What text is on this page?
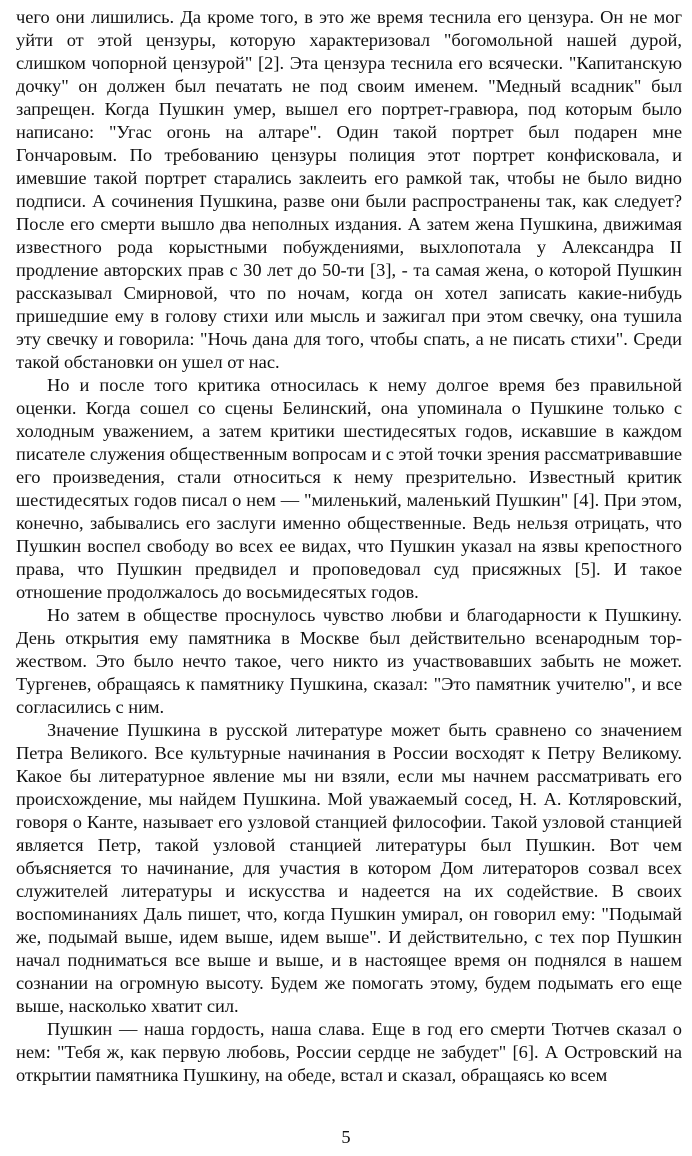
чего они лишились. Да кроме того, в это же время теснила его цензура. Он не мог уйти от этой цензуры, которую характеризовал "богомольной нашей дурой, слишком чопорной цензурой" [2]. Эта цензура теснила его всячески. "Капитанскую дочку" он должен был печатать не под своим именем. "Медный всадник" был запрещен. Когда Пушкин умер, вышел его портрет-гравюра, под которым было написано: "Угас огонь на алтаре". Один такой портрет был подарен мне Гончаровым. По требованию цензуры полиция этот портрет конфисковала, и имевшие такой портрет старались заклеить его рамкой так, чтобы не было видно подписи. А сочинения Пушкина, разве они были распространены так, как следует? После его смерти вышло два неполных издания. А затем жена Пушкина, движимая известного рода корыстными побуждениями, выхлопотала у Александра II продление авторских прав с 30 лет до 50-ти [3], - та самая жена, о которой Пушкин рассказывал Смирновой, что по ночам, когда он хотел записать какие-нибудь пришедшие ему в голову стихи или мысль и зажигал при этом свечку, она тушила эту свечку и говорила: "Ночь дана для того, чтобы спать, а не писать стихи". Среди такой обстановки он ушел от нас.

Но и после того критика относилась к нему долгое время без правильной оценки. Когда сошел со сцены Белинский, она упоминала о Пушкине только с холодным уважением, а затем критики шестидесятых годов, искавшие в каждом писателе служения общественным вопросам и с этой точки зрения рассматривавшие его произведения, стали относиться к нему презрительно. Известный критик шестидесятых годов писал о нем — "миленький, маленький Пушкин" [4]. При этом, конечно, забывались его заслуги именно общественные. Ведь нельзя отрицать, что Пушкин воспел свободу во всех ее видах, что Пушкин указал на язвы крепостного права, что Пушкин предвидел и проповедовал суд присяжных [5]. И такое отношение продолжалось до восьмидесятых годов.

Но затем в обществе проснулось чувство любви и благодарности к Пушкину. День открытия ему памятника в Москве был действительно всенародным торжеством. Это было нечто такое, чего никто из участвовавших забыть не может. Тургенев, обращаясь к памятнику Пушкина, сказал: "Это памятник учителю", и все согласились с ним.

Значение Пушкина в русской литературе может быть сравнено со значением Петра Великого. Все культурные начинания в России восходят к Петру Великому. Какое бы литературное явление мы ни взяли, если мы начнем рассматривать его происхождение, мы найдем Пушкина. Мой уважаемый сосед, Н. А. Котляровский, говоря о Канте, называет его узловой станцией философии. Такой узловой станцией является Петр, такой узловой станцией литературы был Пушкин. Вот чем объясняется то начинание, для участия в котором Дом литераторов созвал всех служителей литературы и искусства и надеется на их содействие. В своих воспоминаниях Даль пишет, что, когда Пушкин умирал, он говорил ему: "Подымай же, подымай выше, идем выше, идем выше". И действительно, с тех пор Пушкин начал подниматься все выше и выше, и в настоящее время он поднялся в нашем сознании на огромную высоту. Будем же помогать этому, будем подымать его еще выше, насколько хватит сил.

Пушкин — наша гордость, наша слава. Еще в год его смерти Тютчев сказал о нем: "Тебя ж, как первую любовь, России сердце не забудет" [6]. А Островский на открытии памятника Пушкину, на обеде, встал и сказал, обращаясь ко всем

5
